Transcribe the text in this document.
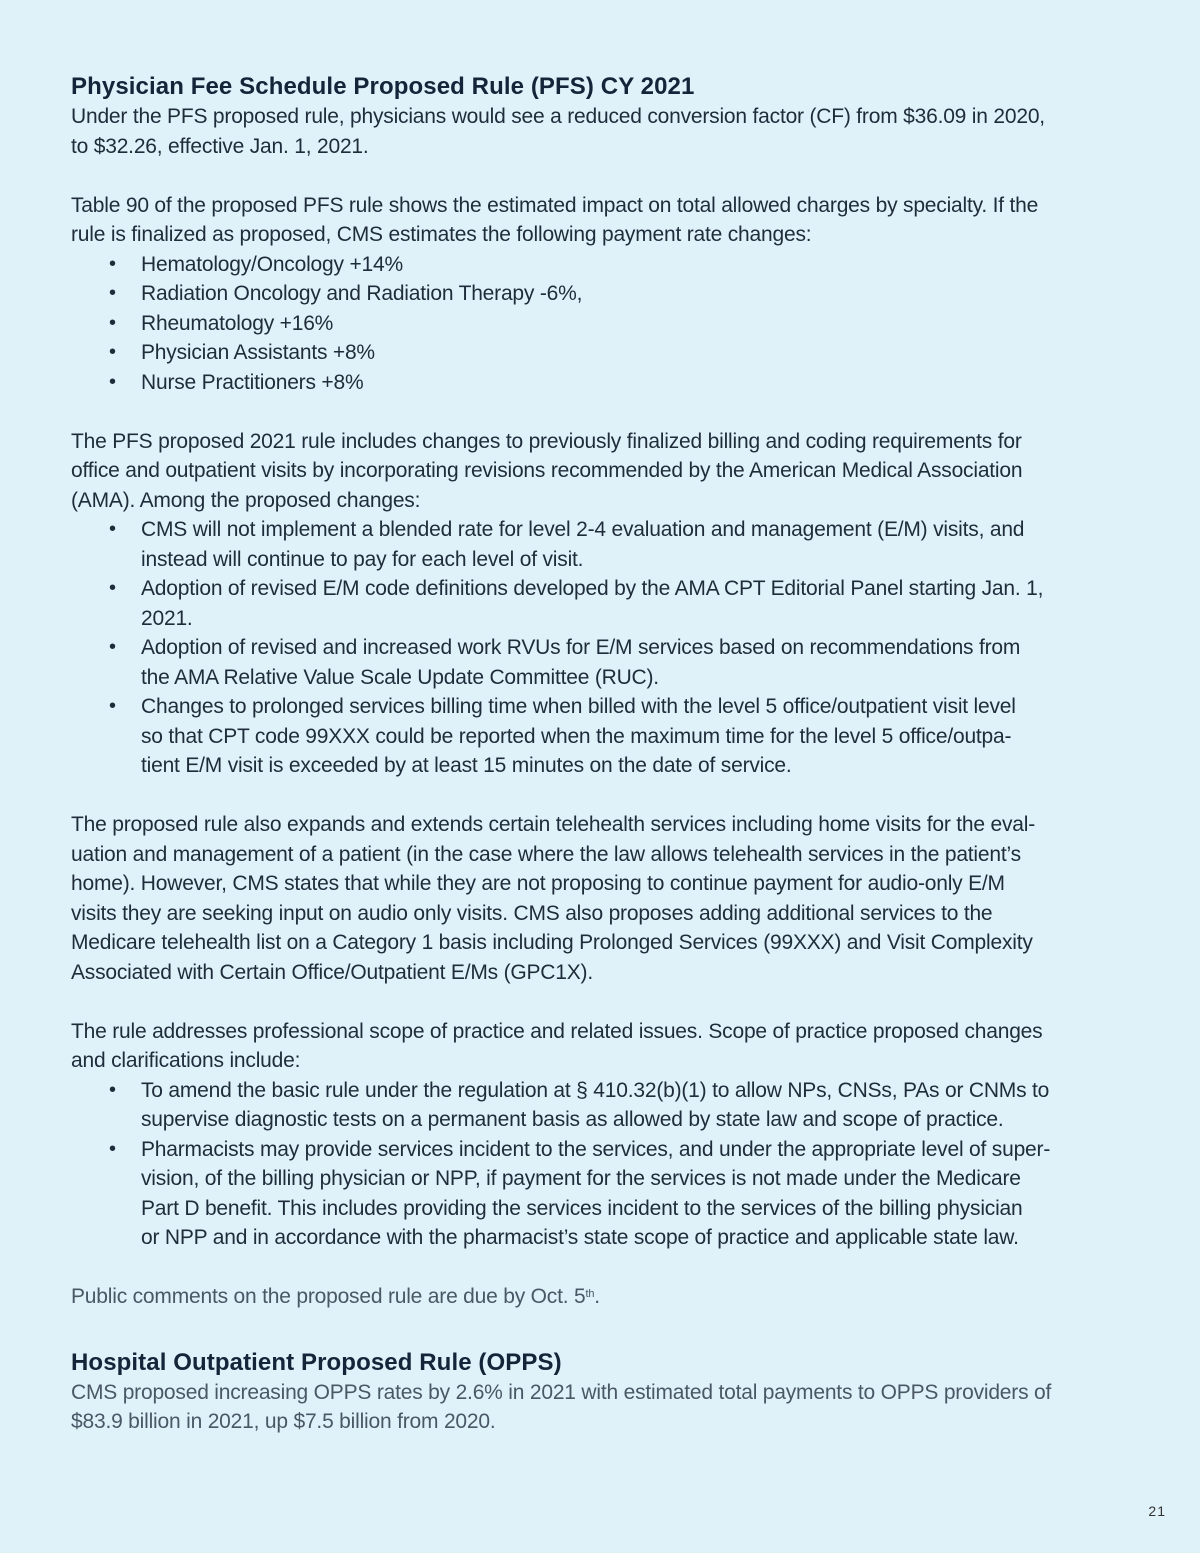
Physician Fee Schedule Proposed Rule (PFS) CY 2021

Under the PFS proposed rule, physicians would see a reduced conversion factor (CF) from $36.09 in 2020,
to $32.26, effective Jan. 1, 2021.

Table 90 of the proposed PFS rule shows the estimated impact on total allowed charges by specialty. If the
rule is finalized as proposed, CMS estimates the following payment rate changes:

• Hematology/Oncology +14%
• Radiation Oncology and Radiation Therapy -6%,
• Rheumatology +16%
• Physician Assistants +8%
• Nurse Practitioners +8%

The PFS proposed 2021 rule includes changes to previously finalized billing and coding requirements for
office and outpatient visits by incorporating revisions recommended by the American Medical Association
(AMA). Among the proposed changes:

• CMS will not implement a blended rate for level 2-4 evaluation and management (E/M) visits, and
instead will continue to pay for each level of visit.
• Adoption of revised E/M code definitions developed by the AMA CPT Editorial Panel starting Jan. 1,
2021.
• Adoption of revised and increased work RVUs for E/M services based on recommendations from
the AMA Relative Value Scale Update Committee (RUC).
• Changes to prolonged services billing time when billed with the level 5 office/outpatient visit level
so that CPT code 99XXX could be reported when the maximum time for the level 5 office/outpa-
tient E/M visit is exceeded by at least 15 minutes on the date of service.

The proposed rule also expands and extends certain telehealth services including home visits for the eval-
uation and management of a patient (in the case where the law allows telehealth services in the patient’s
home). However, CMS states that while they are not proposing to continue payment for audio-only E/M
visits they are seeking input on audio only visits. CMS also proposes adding additional services to the
Medicare telehealth list on a Category 1 basis including Prolonged Services (99XXX) and Visit Complexity
Associated with Certain Office/Outpatient E/Ms (GPC1X).

The rule addresses professional scope of practice and related issues. Scope of practice proposed changes
and clarifications include:

• To amend the basic rule under the regulation at § 410.32(b)(1) to allow NPs, CNSs, PAs or CNMs to
supervise diagnostic tests on a permanent basis as allowed by state law and scope of practice.
• Pharmacists may provide services incident to the services, and under the appropriate level of super-
vision, of the billing physician or NPP, if payment for the services is not made under the Medicare
Part D benefit. This includes providing the services incident to the services of the billing physician
or NPP and in accordance with the pharmacist’s state scope of practice and applicable state law.

Public comments on the proposed rule are due by Oct. 5th.

Hospital Outpatient Proposed Rule (OPPS)

CMS proposed increasing OPPS rates by 2.6% in 2021 with estimated total payments to OPPS providers of
$83.9 billion in 2021, up $7.5 billion from 2020.

21
